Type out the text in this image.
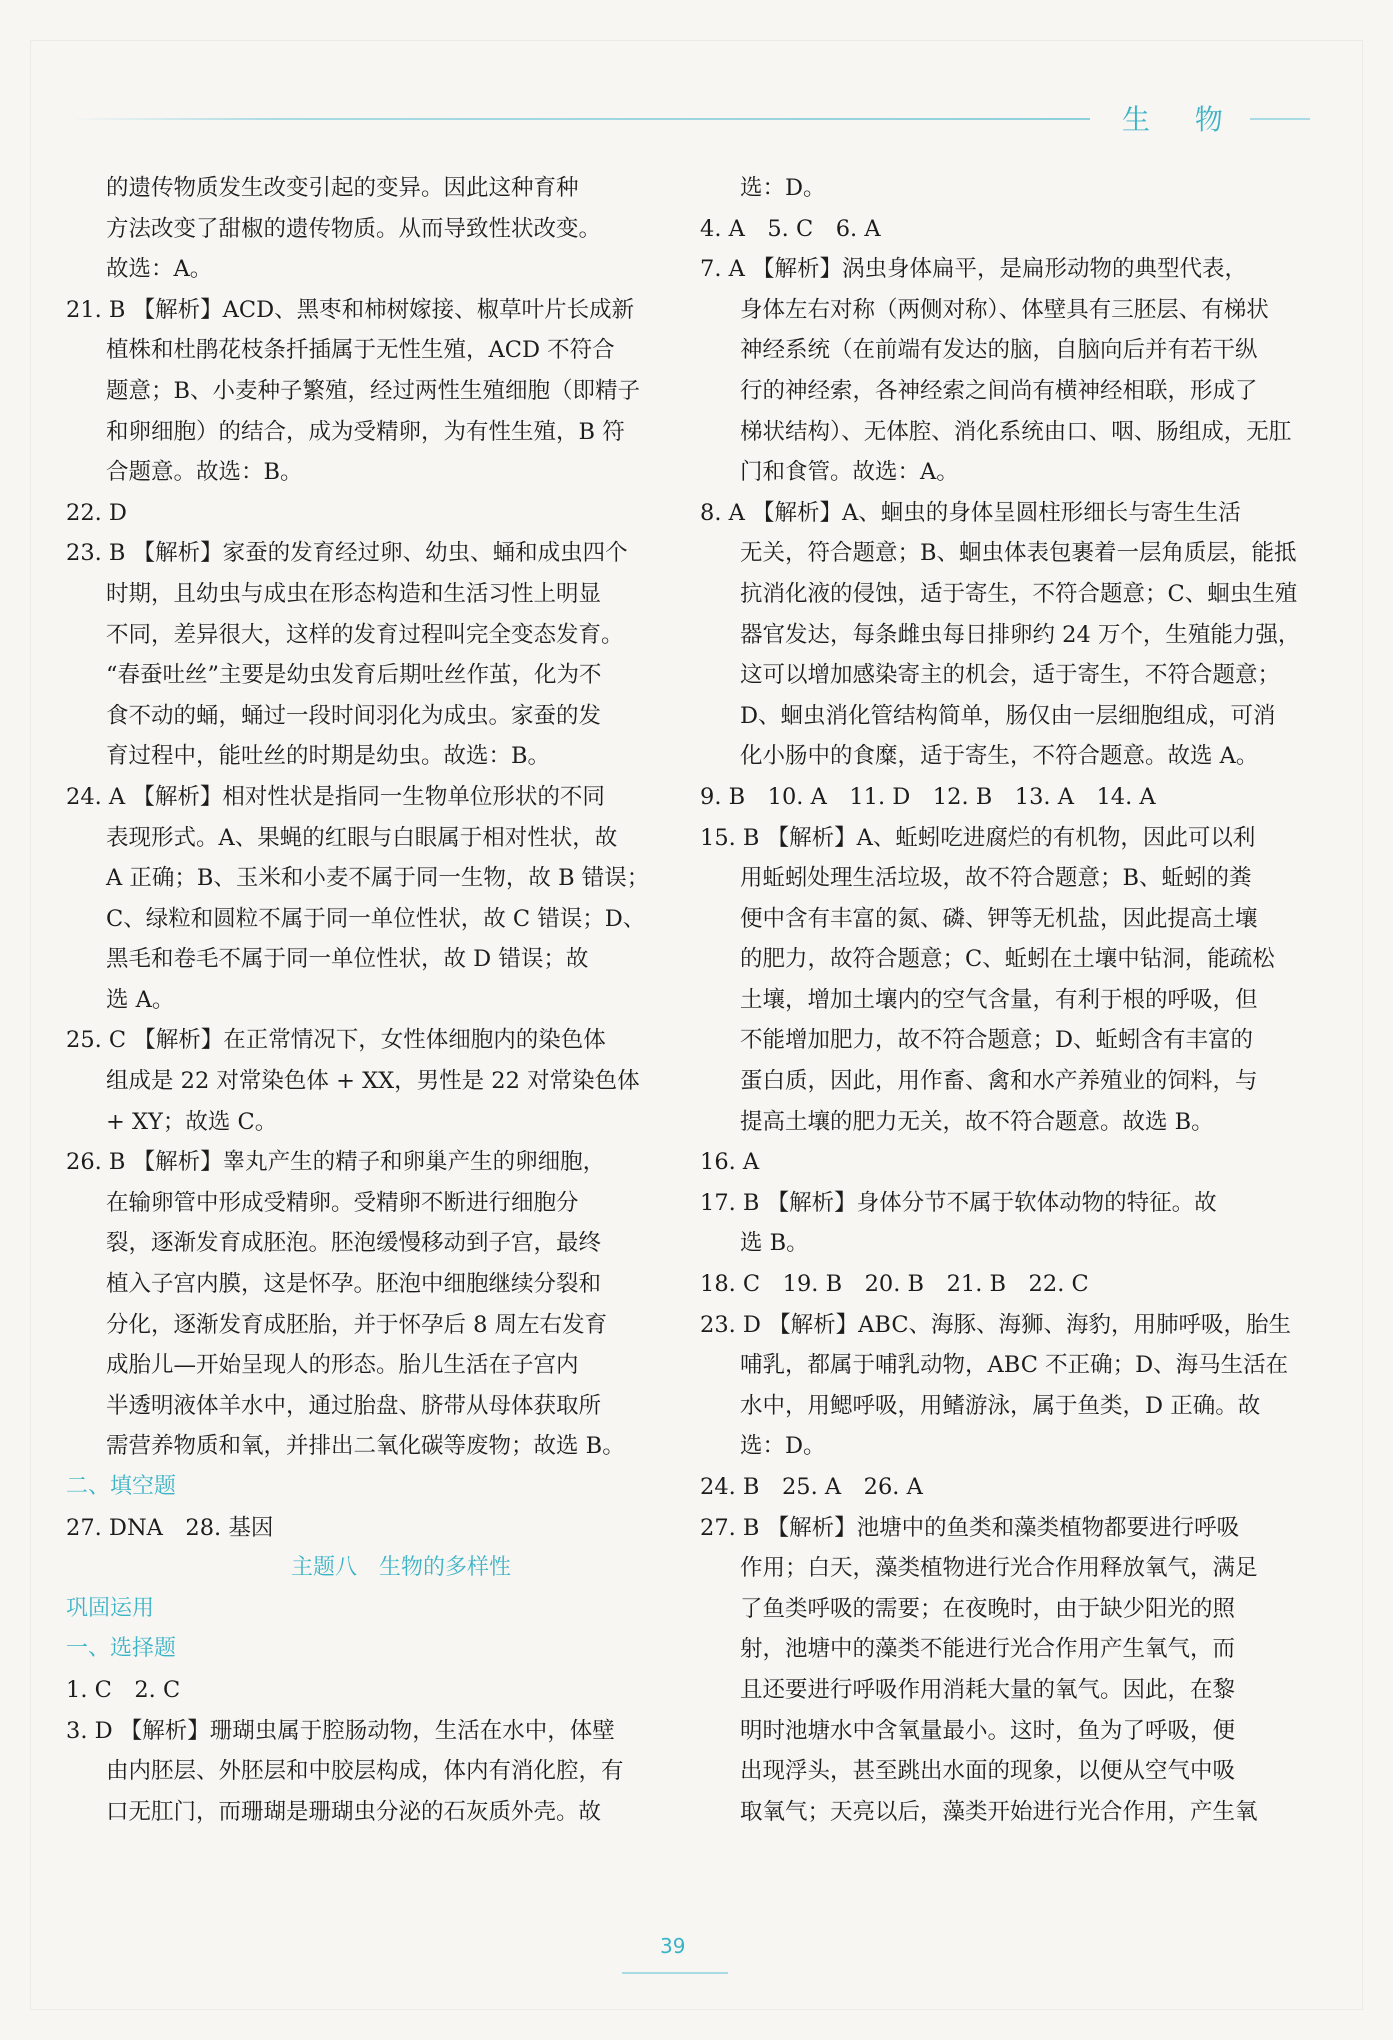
生 物
的遗传物质发生改变引起的变异。因此这种育种
方法改变了甜椒的遗传物质。从而导致性状改变。
故选：A。
21. B 【解析】ACD、黑枣和柿树嫁接、椒草叶片长成新
植株和杜鹃花枝条扦插属于无性生殖，ACD 不符合
题意；B、小麦种子繁殖，经过两性生殖细胞（即精子
和卵细胞）的结合，成为受精卵，为有性生殖，B 符
合题意。故选：B。
22. D
23. B 【解析】家蚕的发育经过卵、幼虫、蛹和成虫四个
时期，且幼虫与成虫在形态构造和生活习性上明显
不同，差异很大，这样的发育过程叫完全变态发育。
“春蚕吐丝”主要是幼虫发育后期吐丝作茧，化为不
食不动的蛹，蛹过一段时间羽化为成虫。家蚕的发
育过程中，能吐丝的时期是幼虫。故选：B。
24. A 【解析】相对性状是指同一生物单位形状的不同
表现形式。A、果蝇的红眼与白眼属于相对性状，故
A 正确；B、玉米和小麦不属于同一生物，故 B 错误；
C、绿粒和圆粒不属于同一单位性状，故 C 错误；D、
黑毛和卷毛不属于同一单位性状，故 D 错误；故
选 A。
25. C 【解析】在正常情况下，女性体细胞内的染色体
组成是 22 对常染色体 + XX，男性是 22 对常染色体
+ XY；故选 C。
26. B 【解析】睾丸产生的精子和卵巢产生的卵细胞，
在输卵管中形成受精卵。受精卵不断进行细胞分
裂，逐渐发育成胚泡。胚泡缓慢移动到子宫，最终
植入子宫内膜，这是怀孕。胚泡中细胞继续分裂和
分化，逐渐发育成胚胎，并于怀孕后 8 周左右发育
成胎儿—开始呈现人的形态。胎儿生活在子宫内
半透明液体羊水中，通过胎盘、脐带从母体获取所
需营养物质和氧，并排出二氧化碳等废物；故选 B。
二、填空题
27. DNA　28. 基因
主题八　生物的多样性
巩固运用
一、选择题
1. C　2. C
3. D 【解析】珊瑚虫属于腔肠动物，生活在水中，体壁
由内胚层、外胚层和中胶层构成，体内有消化腔，有
口无肛门，而珊瑚是珊瑚虫分泌的石灰质外壳。故
选：D。
4. A　5. C　6. A
7. A 【解析】涡虫身体扁平，是扁形动物的典型代表，
身体左右对称（两侧对称）、体壁具有三胚层、有梯状
神经系统（在前端有发达的脑，自脑向后并有若干纵
行的神经索，各神经索之间尚有横神经相联，形成了
梯状结构）、无体腔、消化系统由口、咽、肠组成，无肛
门和食管。故选：A。
8. A 【解析】A、蛔虫的身体呈圆柱形细长与寄生生活
无关，符合题意；B、蛔虫体表包裹着一层角质层，能抵
抗消化液的侵蚀，适于寄生，不符合题意；C、蛔虫生殖
器官发达，每条雌虫每日排卵约 24 万个，生殖能力强，
这可以增加感染寄主的机会，适于寄生，不符合题意；
D、蛔虫消化管结构简单，肠仅由一层细胞组成，可消
化小肠中的食糜，适于寄生，不符合题意。故选 A。
9. B　10. A　11. D　12. B　13. A　14. A
15. B 【解析】A、蚯蚓吃进腐烂的有机物，因此可以利
用蚯蚓处理生活垃圾，故不符合题意；B、蚯蚓的粪
便中含有丰富的氮、磷、钾等无机盐，因此提高土壤
的肥力，故符合题意；C、蚯蚓在土壤中钻洞，能疏松
土壤，增加土壤内的空气含量，有利于根的呼吸，但
不能增加肥力，故不符合题意；D、蚯蚓含有丰富的
蛋白质，因此，用作畜、禽和水产养殖业的饲料，与
提高土壤的肥力无关，故不符合题意。故选 B。
16. A
17. B 【解析】身体分节不属于软体动物的特征。故
选 B。
18. C　19. B　20. B　21. B　22. C
23. D 【解析】ABC、海豚、海狮、海豹，用肺呼吸，胎生
哺乳，都属于哺乳动物，ABC 不正确；D、海马生活在
水中，用鳃呼吸，用鳍游泳，属于鱼类，D 正确。故
选：D。
24. B　25. A　26. A
27. B 【解析】池塘中的鱼类和藻类植物都要进行呼吸
作用；白天，藻类植物进行光合作用释放氧气，满足
了鱼类呼吸的需要；在夜晚时，由于缺少阳光的照
射，池塘中的藻类不能进行光合作用产生氧气，而
且还要进行呼吸作用消耗大量的氧气。因此，在黎
明时池塘水中含氧量最小。这时，鱼为了呼吸，便
出现浮头，甚至跳出水面的现象，以便从空气中吸
取氧气；天亮以后，藻类开始进行光合作用，产生氧
39
